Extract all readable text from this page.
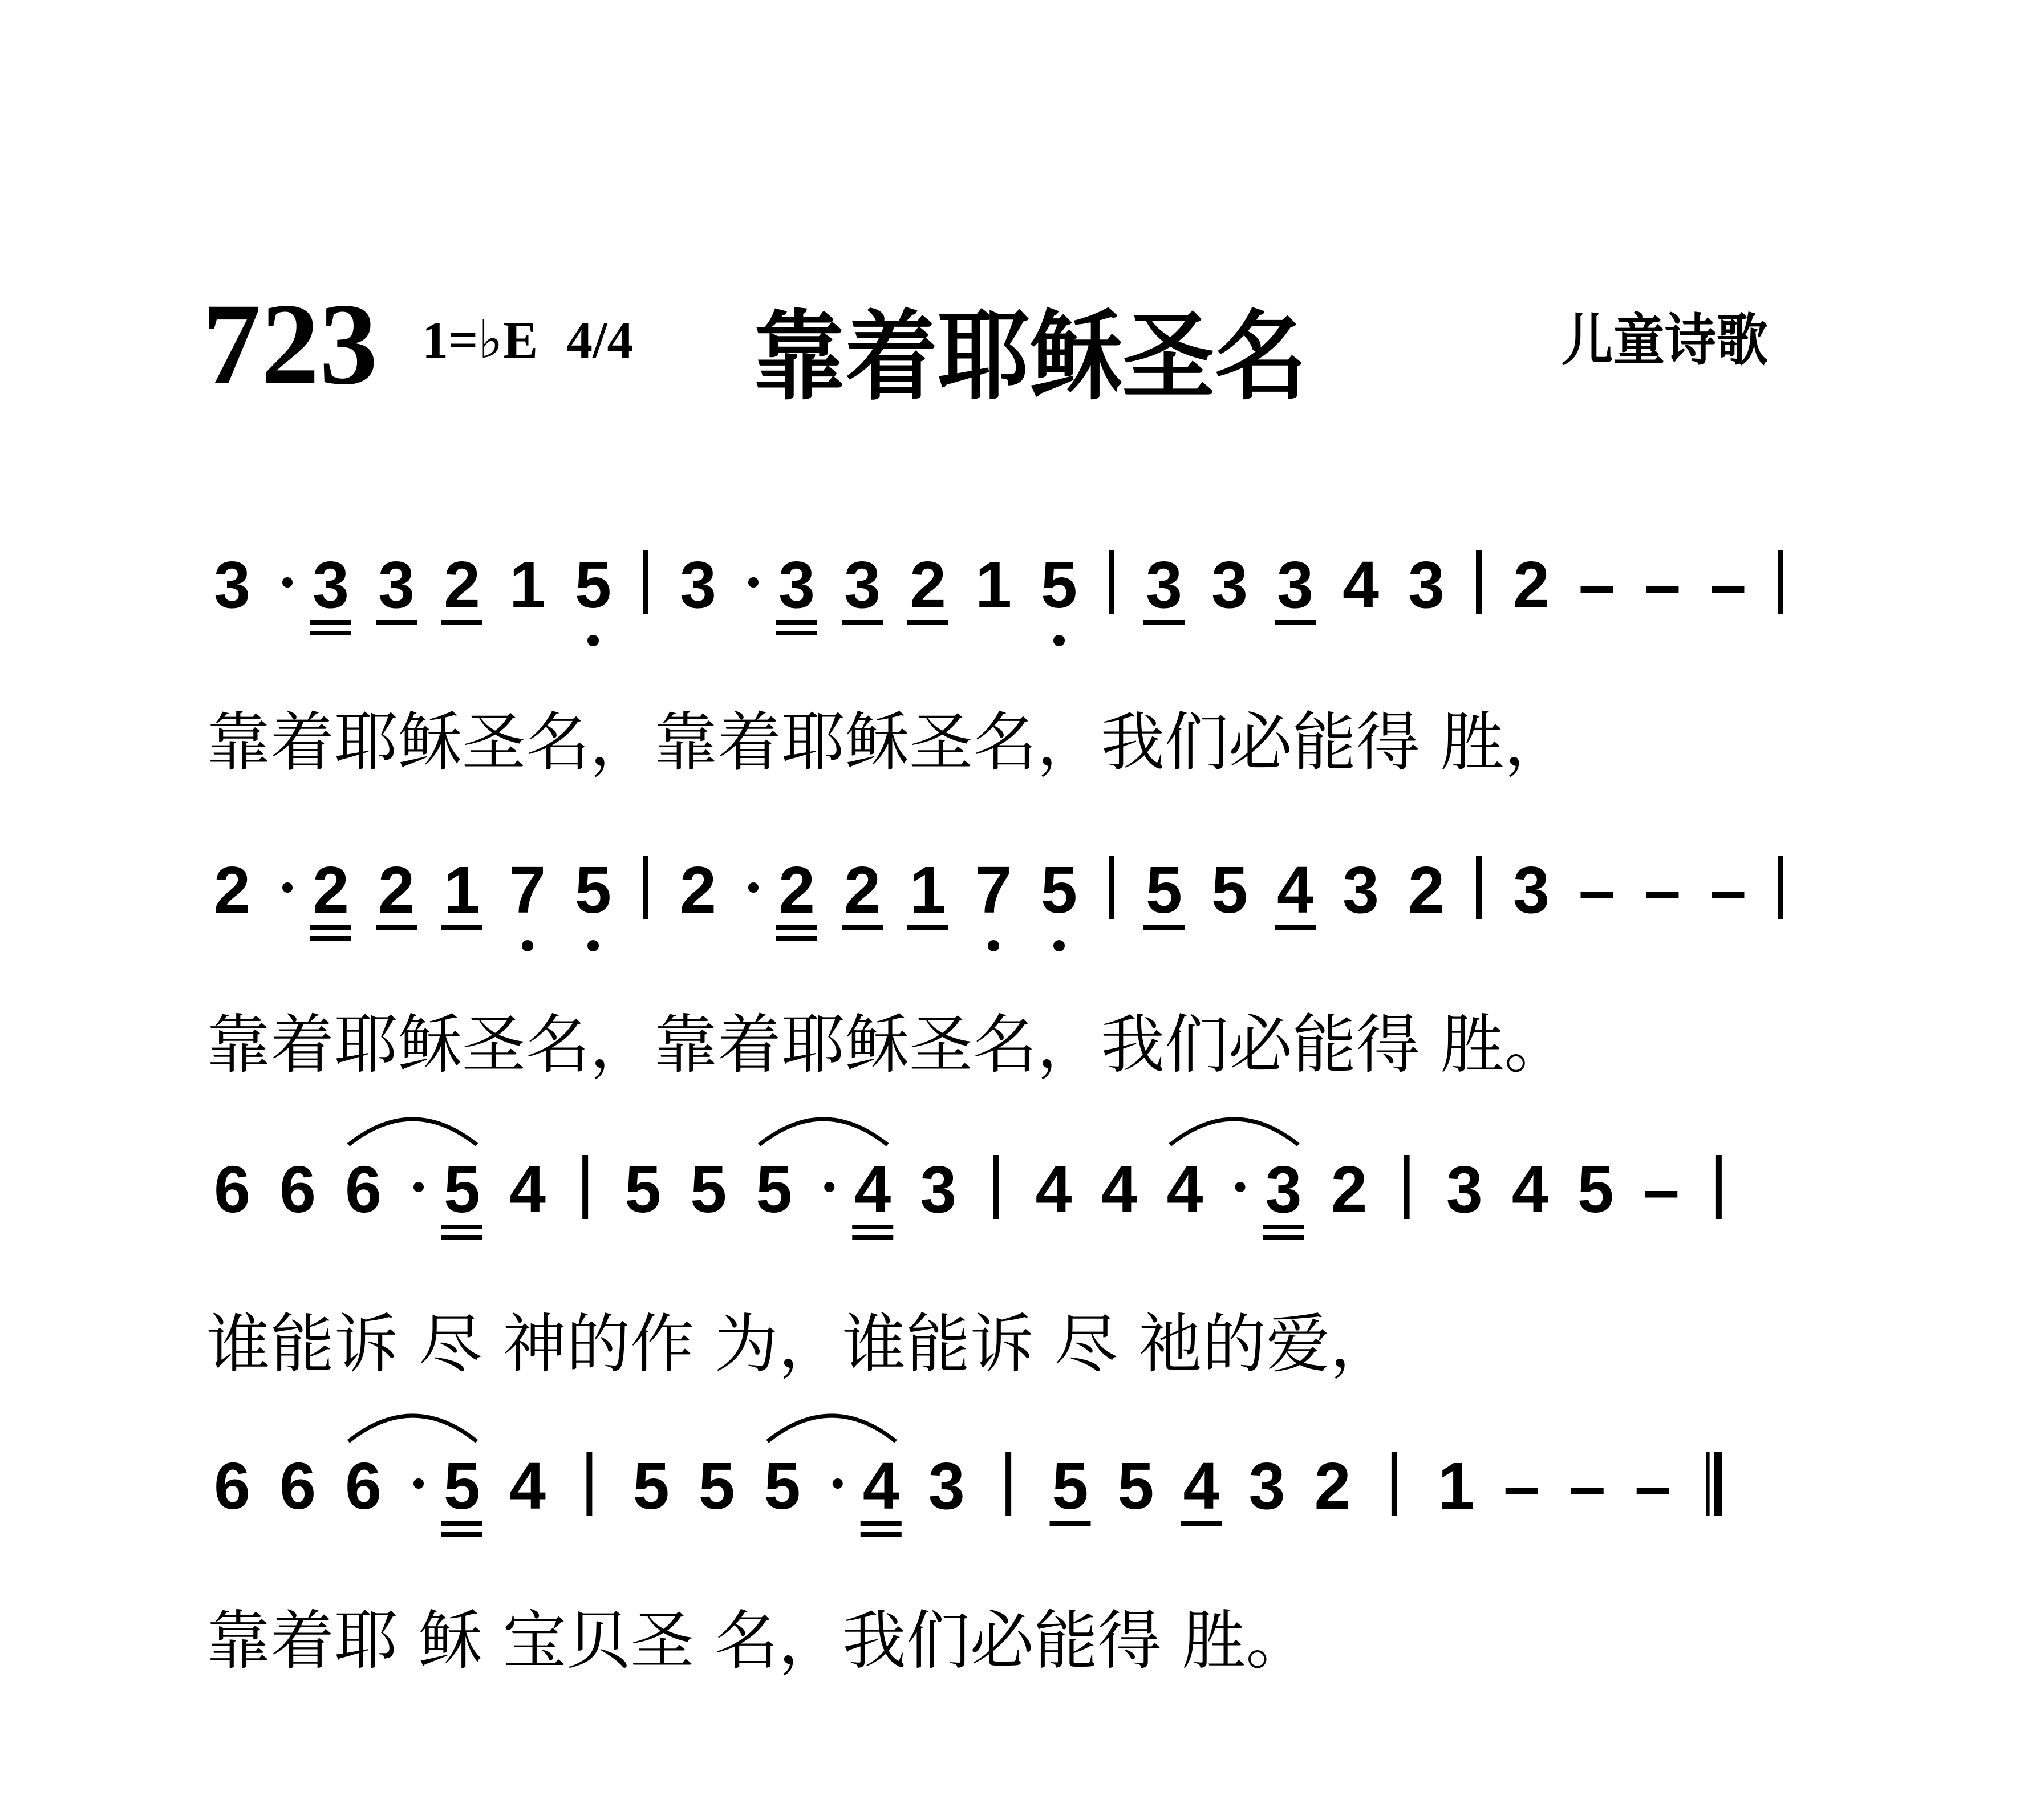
723 1=♭E 4/4 靠着耶稣圣名	儿童诗歌
3 3 3 2 1 5 3 3 3 2 1 5 3 3 3 4 3 2 – – –
靠着耶稣圣名，靠着耶稣圣名，我们必能得 胜，
2 2 2 1 7 5 2 2 2 1 7 5 5 5 4 3 2 3 – – –
靠着耶稣圣名，靠着耶稣圣名，我们必能得 胜。
6 6 6 5 4 5 5 5 4 3 4 4 4 3 2 3 4 5 –
谁能诉 尽 神的作 为，谁能诉 尽 祂的爱，
6 6 6 5 4 5 5 5 4 3 5 5 4 3 2 1 – – –
靠着耶 稣 宝贝圣 名，我们必能得 胜。
